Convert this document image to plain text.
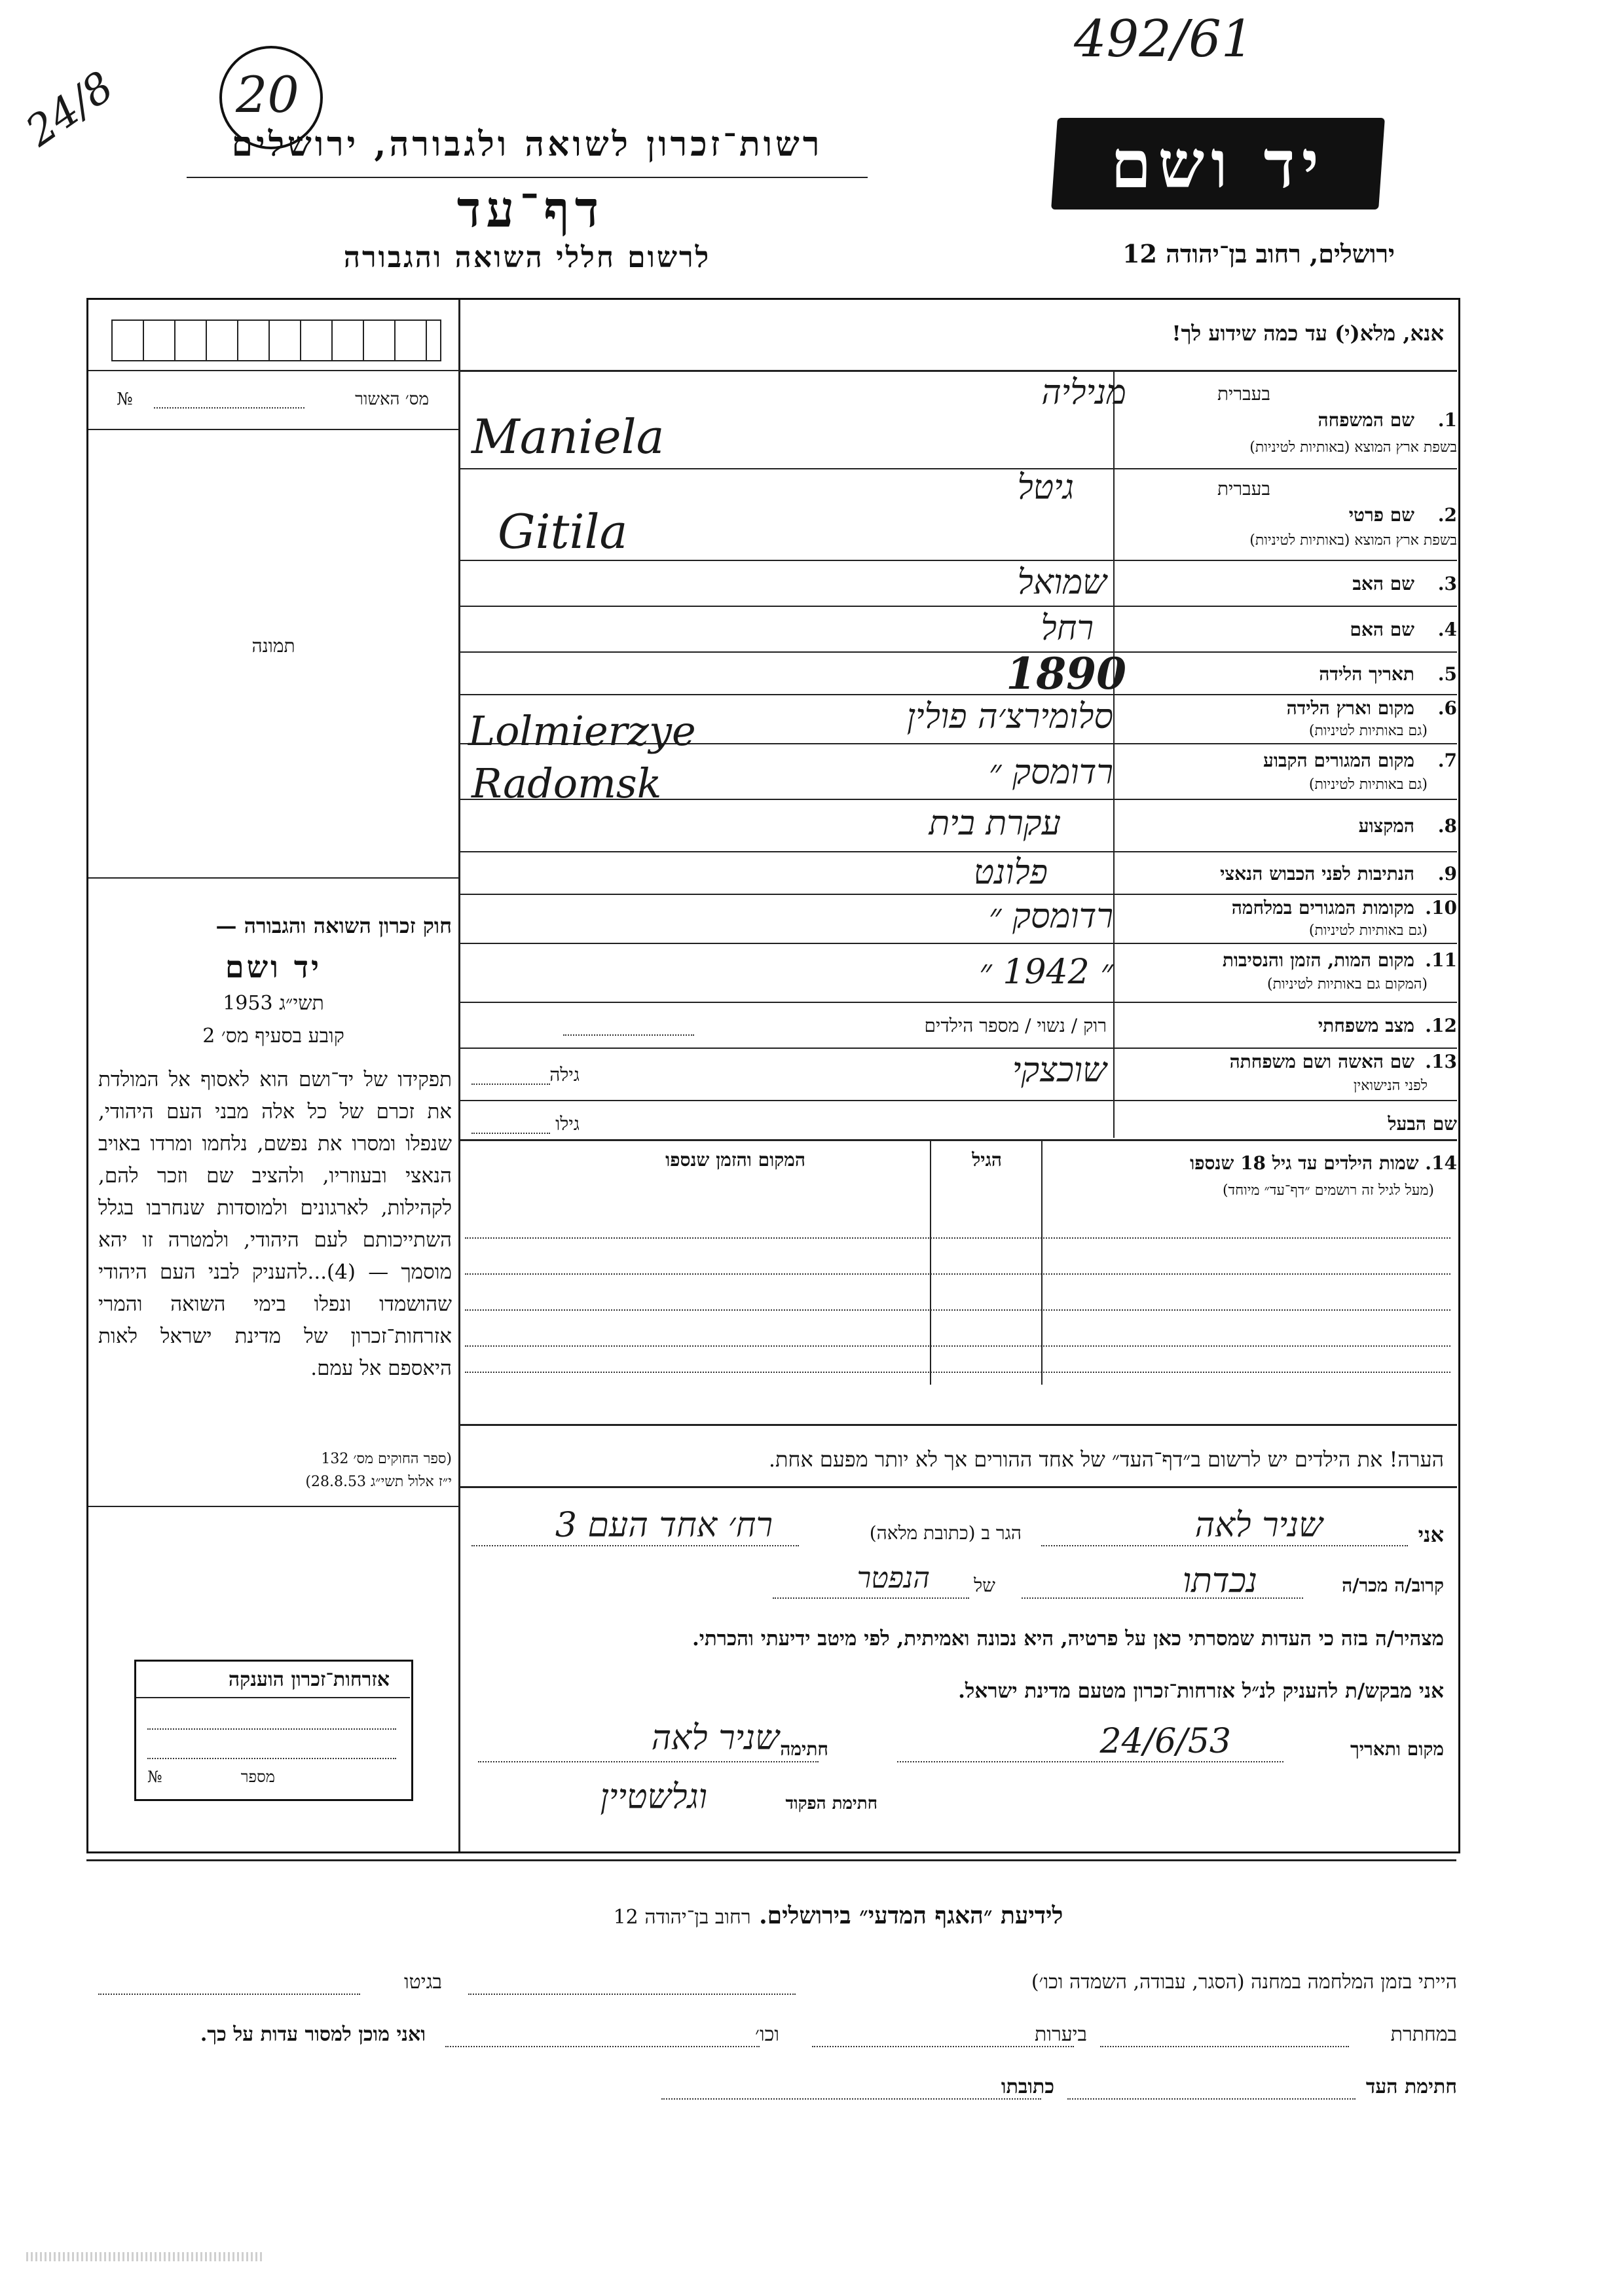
492/61
24/8 20
רשות־זכרון לשואה ולגבורה, ירושלים
דף־עד
לרשום חללי השואה והגבורה
יד ושם
ירושלים, רחוב בן־יהודה 12
אנא, מלא(י) עד כמה שידוע לך!
מס׳ האשור
№
תמונה
חוק זכרון השואה והגבורה —
יד ושם
תשי״ג 1953
קובע בסעיף מס׳ 2
תפקידו של יד־ושם הוא לאסוף אל המולדת את זכרם של כל אלה מבני העם היהודי, שנפלו ומסרו את נפשם, נלחמו ומרדו באויב הנאצי ובעוזריו, ולהציב שם וזכר להם, לקהילות, לארגונים ולמוסדות שנחרבו בגלל השתייכותם לעם היהודי, ולמטרה זו יהא מוסמך — (4)...להעניק לבני העם היהודי שהושמדו ונפלו בימי השואה והמרי אזרחות־זכרון של מדינת ישראל לאות היאספם אל עמם.
(ספר החוקים מס׳ 132
י״ז אלול תשי״ג 28.8.53)
בעברית
1.
שם המשפחה
בשפת ארץ המוצא (באותיות לטיניות)
מניליה
Maniela
בעברית
2.
שם פרטי
בשפת ארץ המוצא (באותיות לטיניות)
גיטל
Gitila
3.
שם האב
שמואל
4.
שם האם
רחל
5.
תאריך הלידה
1890
6.
מקום וארץ הלידה
(גם באותיות לטיניות)
סלומירצ׳ה פולין
Lolmierzye
7.
מקום המגורים הקבוע
(גם באותיות לטיניות)
רדומסק ״
Radomsk
8.
המקצוע
עקרת בית
9.
הנתיבות לפני הכבוש הנאצי
פלונט
10.
מקומות המגורים במלחמה
(גם באותיות לטיניות)
רדומסק ״
11.
מקום המות, הזמן והנסיבות
(המקום גם באותיות לטיניות)
״ 1942 ״
12.
מצב משפחתי
רוק / נשוי / מספר הילדים
13.
שם האשה ושם משפחתה
לפני הנישואין
שוכצקי
גילה
שם הבעל
גילו
14. שמות הילדים עד גיל 18 שנספו
(מעל לגיל זה רושמים ״דף־עד״ מיוחד)
הגיל
המקום והזמן שנספו
הערה! את הילדים יש לרשום ב״דף־העד״ של אחד ההורים אך לא יותר מפעם אחת.
אני
שניר לאה
הגר ב (כתובת מלאה)
רח׳ אחד העם 3
קרוב/ה מכר/ה
נכדתו
של
הנפטר
מצהיר/ה בזה כי העדות שמסרתי כאן על פרטיה, היא נכונה ואמיתית, לפי מיטב ידיעתי והכרתי.
אני מבקש/ת להעניק לנ״ל אזרחות־זכרון מטעם מדינת ישראל.
מקום ותאריך
24/6/53
חתימה
שניר לאה
חתימת הפקוד
וגלשטיין
אזרחות־זכרון הוענקה
מספר
№
לידיעת ״האגף המדעי״ בירושלים. רחוב בן־יהודה 12
הייתי בזמן המלחמה במחנה (הסגר, עבודה, השמדה וכו׳)
בגיטו
במחתרת
ביערות
וכו׳
ואני מוכן למסור עדות על כך.
חתימת העד
כתובתו
